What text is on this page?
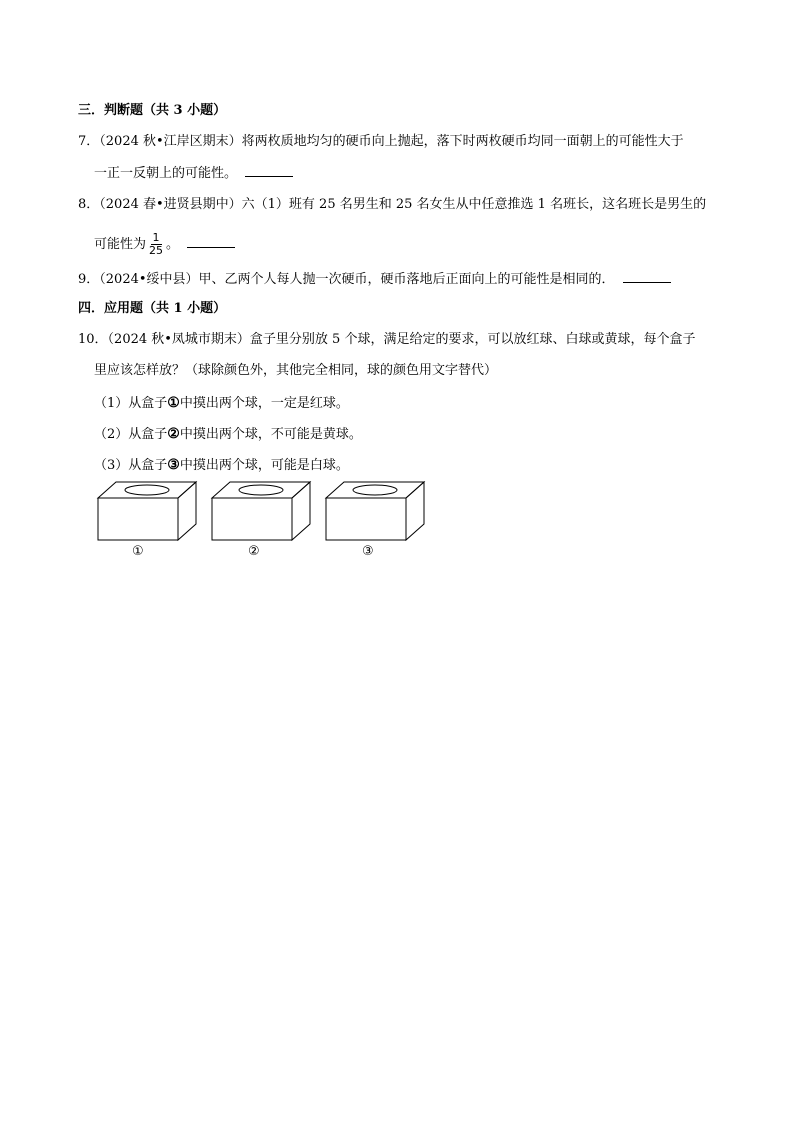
三．判断题（共 3 小题）
7．（2024 秋•江岸区期末）将两枚质地均匀的硬币向上抛起，落下时两枚硬币均同一面朝上的可能性大于
一正一反朝上的可能性。
8．（2024 春•进贤县期中）六（1）班有 25 名男生和 25 名女生从中任意推选 1 名班长，这名班长是男生的
可能性为 $\frac{1}{25}$ 。
9．（2024•绥中县）甲、乙两个人每人抛一次硬币，硬币落地后正面向上的可能性是相同的．
四．应用题（共 1 小题）
10．（2024 秋•凤城市期末）盒子里分别放 5 个球，满足给定的要求，可以放红球、白球或黄球，每个盒子
里应该怎样放？（球除颜色外，其他完全相同，球的颜色用文字替代）
（1）从盒子①中摸出两个球，一定是红球。
（2）从盒子②中摸出两个球，不可能是黄球。
（3）从盒子③中摸出两个球，可能是白球。
①	②	③
